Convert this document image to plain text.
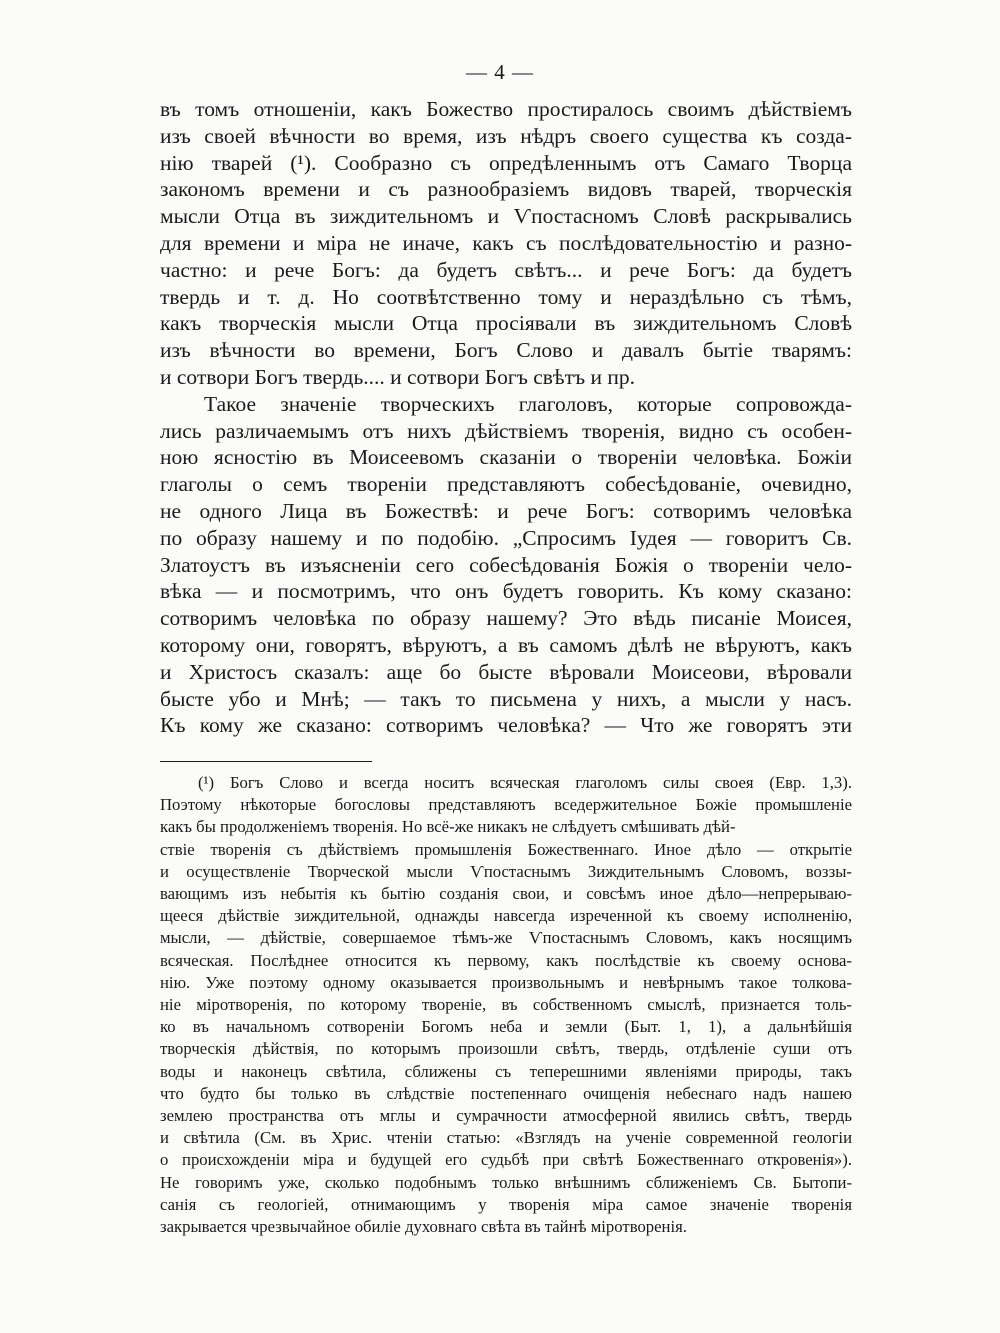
— 4 —
въ томъ отношеніи, какъ Божество простиралось своимъ дѣйствіемъ
изъ своей вѣчности во время, изъ нѣдръ своего существа къ созда-
нію тварей (¹). Сообразно съ опредѣленнымъ отъ Самаго Творца
закономъ времени и съ разнообразіемъ видовъ тварей, творческія
мысли Отца въ зиждительномъ и Ѵпостасномъ Словѣ раскрывались
для времени и міра не иначе, какъ съ послѣдовательностію и разно-
частно: и рече Богъ: да будетъ свѣтъ... и рече Богъ: да будетъ
твердь и т. д. Но соотвѣтственно тому и нераздѣльно съ тѣмъ,
какъ творческія мысли Отца просіявали въ зиждительномъ Словѣ
изъ вѣчности во времени, Богъ Слово и давалъ бытіе тварямъ:
и сотвори Богъ твердь.... и сотвори Богъ свѣтъ и пр.
Такое значеніе творческихъ глаголовъ, которые сопровожда-
лись различаемымъ отъ нихъ дѣйствіемъ творенія, видно съ особен-
ною ясностію въ Моисеевомъ сказаніи о твореніи человѣка. Божіи
глаголы о семъ твореніи представляютъ собесѣдованіе, очевидно,
не одного Лица въ Божествѣ: и рече Богъ: сотворимъ человѣка
по образу нашему и по подобію. „Спросимъ Іудея — говоритъ Св.
Златоустъ въ изъясненіи сего собесѣдованія Божія о твореніи чело-
вѣка — и посмотримъ, что онъ будетъ говорить. Къ кому сказано:
сотворимъ человѣка по образу нашему? Это вѣдь писаніе Моисея,
которому они, говорятъ, вѣруютъ, а въ самомъ дѣлѣ не вѣруютъ, какъ
и Христосъ сказалъ: аще бо бысте вѣровали Моисеови, вѣровали
бысте убо и Мнѣ; — такъ то письмена у нихъ, а мысли у насъ.
Къ кому же сказано: сотворимъ человѣка? — Что же говорятъ эти
(¹) Богъ Слово и всегда носитъ всяческая глаголомъ силы своея (Евр. 1,3).
Поэтому нѣкоторые богословы представляютъ вседержительное Божіе промышленіе
какъ бы продолженіемъ творенія. Но всё-же никакъ не слѣдуетъ смѣшивать дѣй-
ствіе творенія съ дѣйствіемъ промышленія Божественнаго. Иное дѣло — открытіе
и осуществленіе Творческой мысли Ѵпостаснымъ Зиждительнымъ Словомъ, воззы-
вающимъ изъ небытія къ бытію созданія свои, и совсѣмъ иное дѣло—непрерываю-
щееся дѣйствіе зиждительной, однажды навсегда изреченной къ своему исполненію,
мысли, — дѣйствіе, совершаемое тѣмъ-же Ѵпостаснымъ Словомъ, какъ носящимъ
всяческая. Послѣднее относится къ первому, какъ послѣдствіе къ своему основа-
нію. Уже поэтому одному оказывается произвольнымъ и невѣрнымъ такое толкова-
ніе міротворенія, по которому твореніе, въ собственномъ смыслѣ, признается толь-
ко въ начальномъ сотвореніи Богомъ неба и земли (Быт. 1, 1), а дальнѣйшія
творческія дѣйствія, по которымъ произошли свѣтъ, твердь, отдѣленіе суши отъ
воды и наконецъ свѣтила, сближены съ теперешними явленіями природы, такъ
что будто бы только въ слѣдствіе постепеннаго очищенія небеснаго надъ нашею
землею пространства отъ мглы и сумрачности атмосферной явились свѣтъ, твердь
и свѣтила (См. въ Хрис. чтеніи статью: «Взглядъ на ученіе современной геологіи
о происхожденіи міра и будущей его судьбѣ при свѣтѣ Божественнаго откровенія»).
Не говоримъ уже, сколько подобнымъ только внѣшнимъ сближеніемъ Св. Бытопи-
санія съ геологіей, отнимающимъ у творенія міра самое значеніе творенія
закрывается чрезвычайное обиліе духовнаго свѣта въ тайнѣ міротворенія.
